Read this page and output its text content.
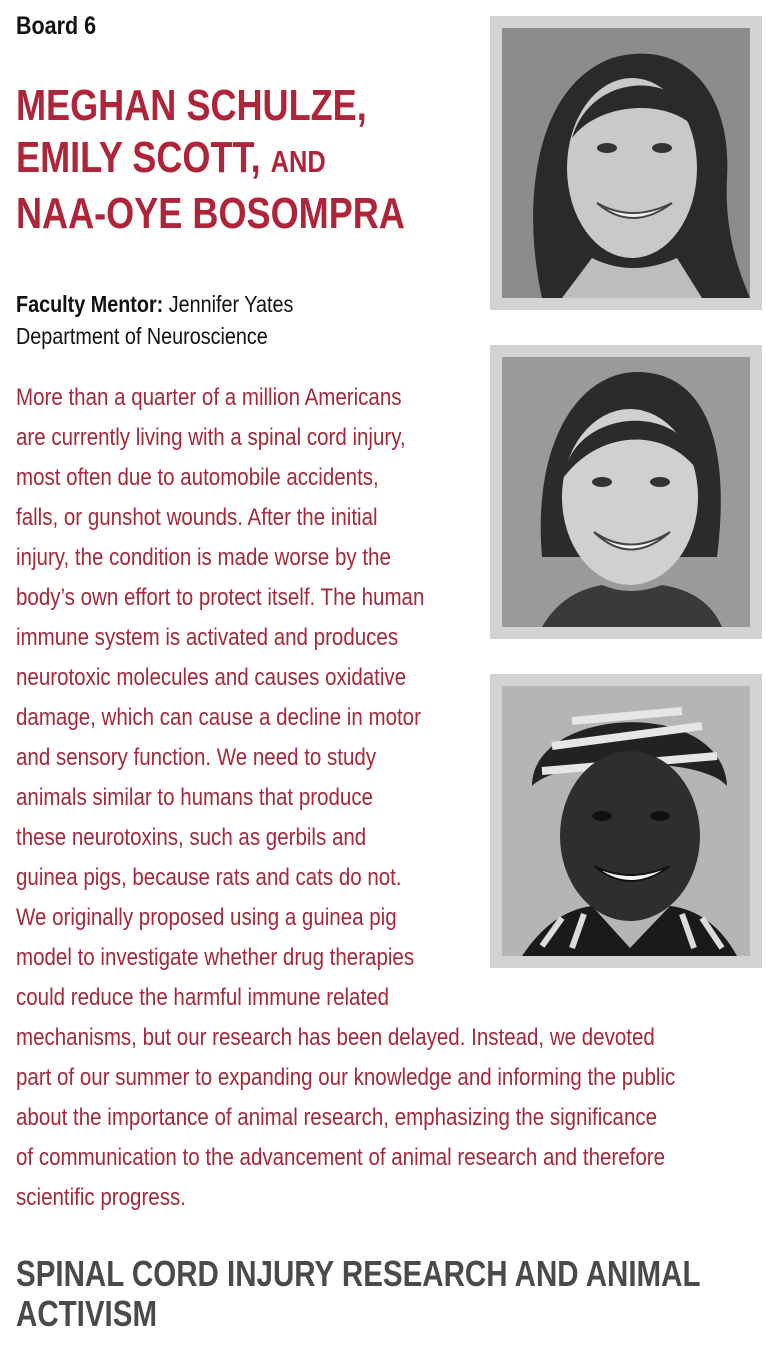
Board 6
MEGHAN SCHULZE,
EMILY SCOTT, AND
NAA-OYE BOSOMPRA
Faculty Mentor: Jennifer Yates
Department of Neuroscience
More than a quarter of a million Americans
are currently living with a spinal cord injury,
most often due to automobile accidents,
falls, or gunshot wounds. After the initial
injury, the condition is made worse by the
body’s own effort to protect itself. The human
immune system is activated and produces
neurotoxic molecules and causes oxidative
damage, which can cause a decline in motor
and sensory function. We need to study
animals similar to humans that produce
these neurotoxins, such as gerbils and
guinea pigs, because rats and cats do not.
We originally proposed using a guinea pig
model to investigate whether drug therapies
could reduce the harmful immune related
mechanisms, but our research has been delayed. Instead, we devoted
part of our summer to expanding our knowledge and informing the public
about the importance of animal research, emphasizing the significance
of communication to the advancement of animal research and therefore
scientific progress.
SPINAL CORD INJURY RESEARCH AND ANIMAL
ACTIVISM
